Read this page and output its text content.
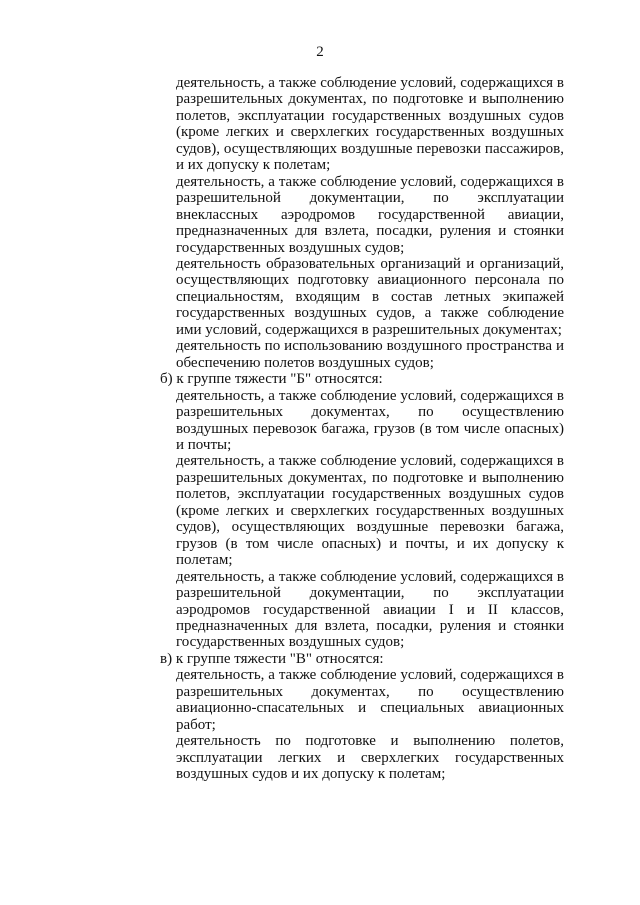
2

деятельность, а также соблюдение условий, содержащихся в разрешительных документах, по подготовке и выполнению полетов, эксплуатации государственных воздушных судов (кроме легких и сверхлегких государственных воздушных судов), осуществляющих воздушные перевозки пассажиров, и их допуску к полетам;

деятельность, а также соблюдение условий, содержащихся в разрешительной документации, по эксплуатации внеклассных аэродромов государственной авиации, предназначенных для взлета, посадки, руления и стоянки государственных воздушных судов;

деятельность образовательных организаций и организаций, осуществляющих подготовку авиационного персонала по специальностям, входящим в состав летных экипажей государственных воздушных судов, а также соблюдение ими условий, содержащихся в разрешительных документах;

деятельность по использованию воздушного пространства и обеспечению полетов воздушных судов;

б) к группе тяжести "Б" относятся:

деятельность, а также соблюдение условий, содержащихся в разрешительных документах, по осуществлению воздушных перевозок багажа, грузов (в том числе опасных) и почты;

деятельность, а также соблюдение условий, содержащихся в разрешительных документах, по подготовке и выполнению полетов, эксплуатации государственных воздушных судов (кроме легких и сверхлегких государственных воздушных судов), осуществляющих воздушные перевозки багажа, грузов (в том числе опасных) и почты, и их допуску к полетам;

деятельность, а также соблюдение условий, содержащихся в разрешительной документации, по эксплуатации аэродромов государственной авиации I и II классов, предназначенных для взлета, посадки, руления и стоянки государственных воздушных судов;

в) к группе тяжести "В" относятся:

деятельность, а также соблюдение условий, содержащихся в разрешительных документах, по осуществлению авиационно-спасательных и специальных авиационных работ;

деятельность по подготовке и выполнению полетов, эксплуатации легких и сверхлегких государственных воздушных судов и их допуску к полетам;
